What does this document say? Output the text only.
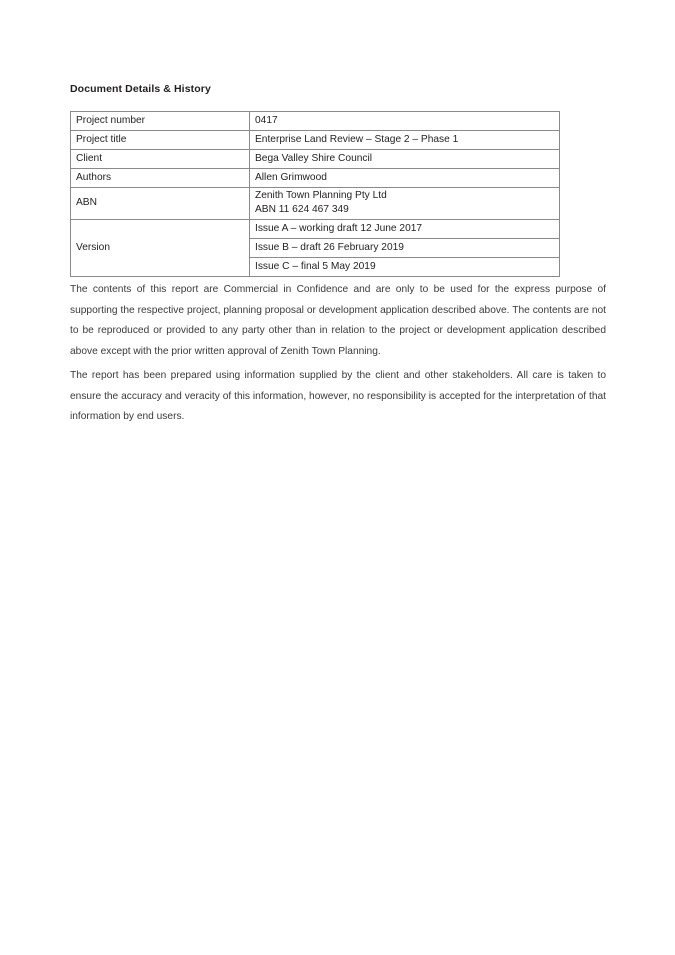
Document Details & History
Project number	0417
Project title	Enterprise Land Review – Stage 2 – Phase 1
Client	Bega Valley Shire Council
Authors	Allen Grimwood
ABN	Zenith Town Planning Pty Ltd
ABN 11 624 467 349

Version	Issue A – working draft 12 June 2017
	Issue B – draft 26 February 2019
	Issue C – final 5 May 2019

The contents of this report are Commercial in Confidence and are only to be used for the express purpose of supporting the respective project, planning proposal or development application described above. The contents are not to be reproduced or provided to any party other than in relation to the project or development application described above except with the prior written approval of Zenith Town Planning.

The report has been prepared using information supplied by the client and other stakeholders. All care is taken to ensure the accuracy and veracity of this information, however, no responsibility is accepted for the interpretation of that information by end users.
